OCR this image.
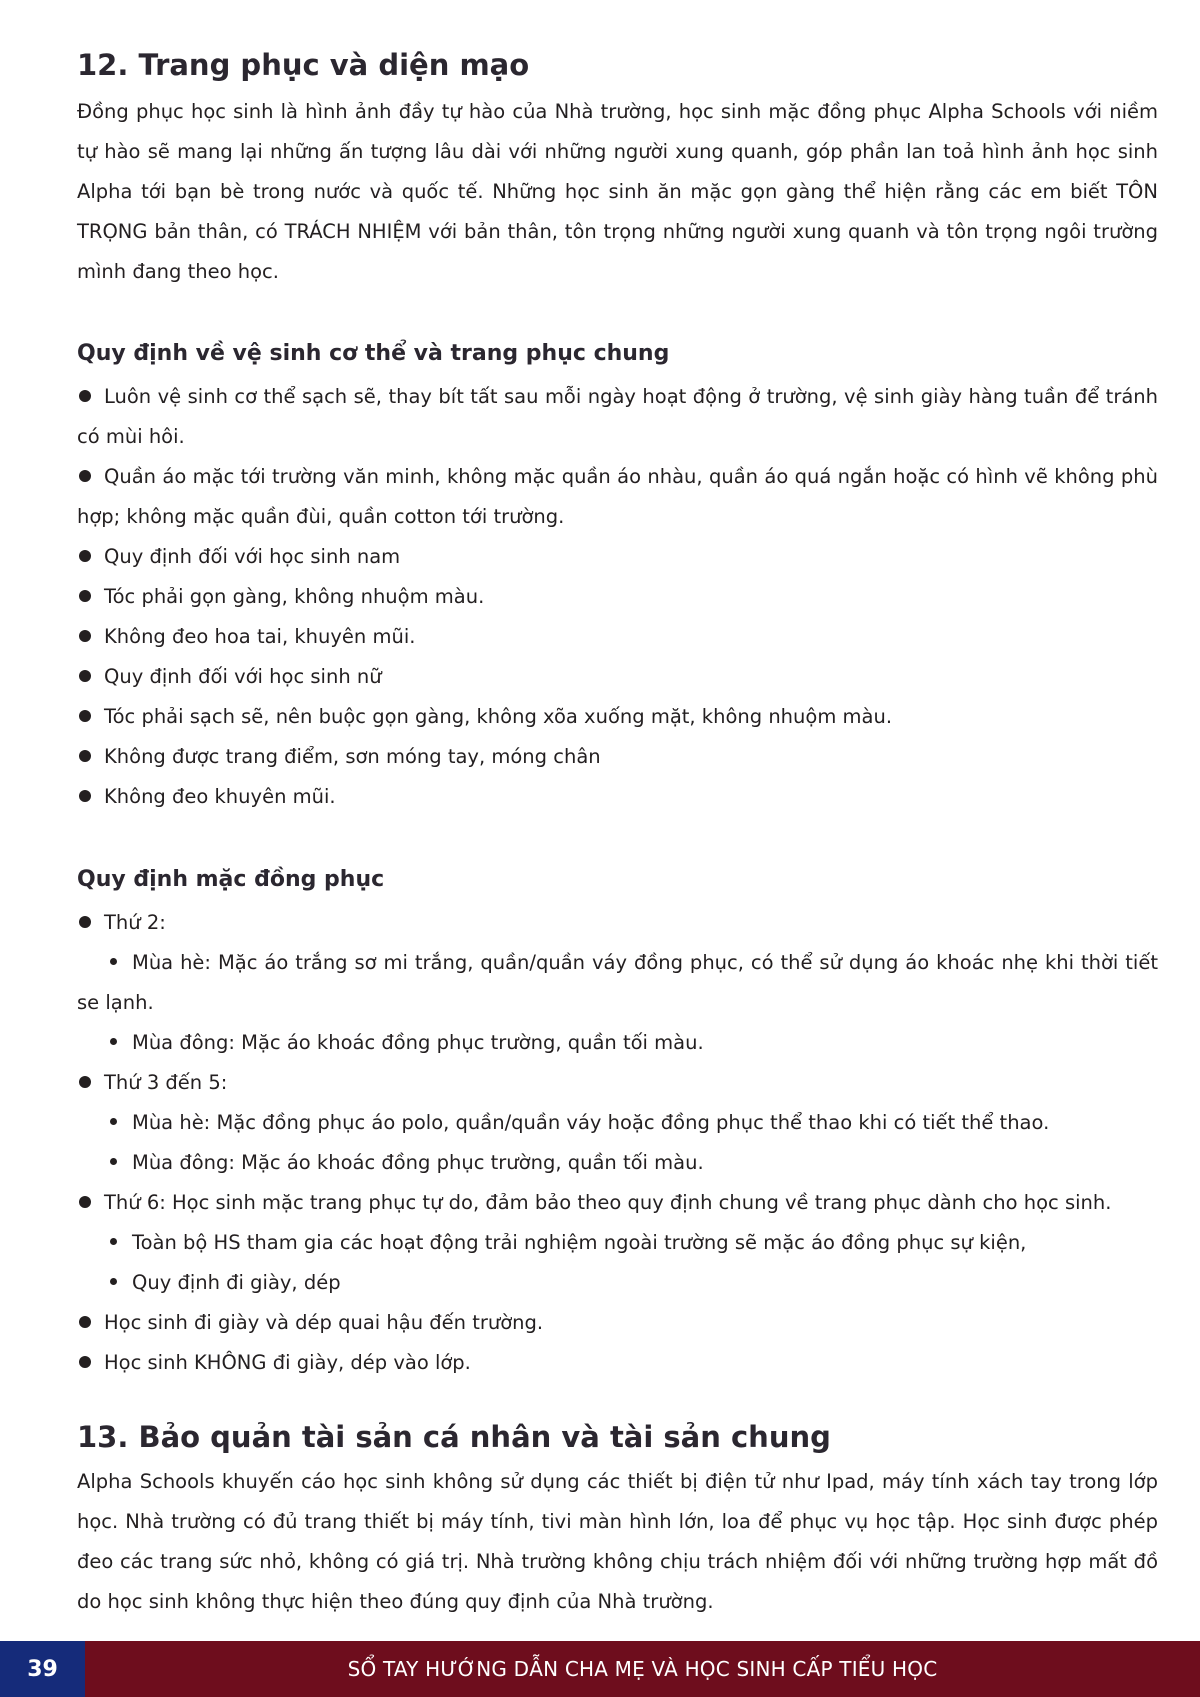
12. Trang phục và diện mạo

Đồng phục học sinh là hình ảnh đầy tự hào của Nhà trường, học sinh mặc đồng phục Alpha Schools với niềm tự hào sẽ mang lại những ấn tượng lâu dài với những người xung quanh, góp phần lan toả hình ảnh học sinh Alpha tới bạn bè trong nước và quốc tế. Những học sinh ăn mặc gọn gàng thể hiện rằng các em biết TÔN TRỌNG bản thân, có TRÁCH NHIỆM với bản thân, tôn trọng những người xung quanh và tôn trọng ngôi trường mình đang theo học.

Quy định về vệ sinh cơ thể và trang phục chung

Luôn vệ sinh cơ thể sạch sẽ, thay bít tất sau mỗi ngày hoạt động ở trường, vệ sinh giày hàng tuần để tránh có mùi hôi.

Quần áo mặc tới trường văn minh, không mặc quần áo nhàu, quần áo quá ngắn hoặc có hình vẽ không phù hợp; không mặc quần đùi, quần cotton tới trường.

Quy định đối với học sinh nam

Tóc phải gọn gàng, không nhuộm màu.

Không đeo hoa tai, khuyên mũi.

Quy định đối với học sinh nữ

Tóc phải sạch sẽ, nên buộc gọn gàng, không xõa xuống mặt, không nhuộm màu.

Không được trang điểm, sơn móng tay, móng chân

Không đeo khuyên mũi.

Quy định mặc đồng phục

Thứ 2:

Mùa hè: Mặc áo trắng sơ mi trắng, quần/quần váy đồng phục, có thể sử dụng áo khoác nhẹ khi thời tiết se lạnh.

Mùa đông: Mặc áo khoác đồng phục trường, quần tối màu.

Thứ 3 đến 5:

Mùa hè: Mặc đồng phục áo polo, quần/quần váy hoặc đồng phục thể thao khi có tiết thể thao.

Mùa đông: Mặc áo khoác đồng phục trường, quần tối màu.

Thứ 6: Học sinh mặc trang phục tự do, đảm bảo theo quy định chung về trang phục dành cho học sinh.

Toàn bộ HS tham gia các hoạt động trải nghiệm ngoài trường sẽ mặc áo đồng phục sự kiện,

Quy định đi giày, dép

Học sinh đi giày và dép quai hậu đến trường.

Học sinh KHÔNG đi giày, dép vào lớp.

13. Bảo quản tài sản cá nhân và tài sản chung

Alpha Schools khuyến cáo học sinh không sử dụng các thiết bị điện tử như Ipad, máy tính xách tay trong lớp học. Nhà trường có đủ trang thiết bị máy tính, tivi màn hình lớn, loa để phục vụ học tập. Học sinh được phép đeo các trang sức nhỏ, không có giá trị. Nhà trường không chịu trách nhiệm đối với những trường hợp mất đồ do học sinh không thực hiện theo đúng quy định của Nhà trường.

39	SỔ TAY HƯỚNG DẪN CHA MẸ VÀ HỌC SINH CẤP TIỂU HỌC
